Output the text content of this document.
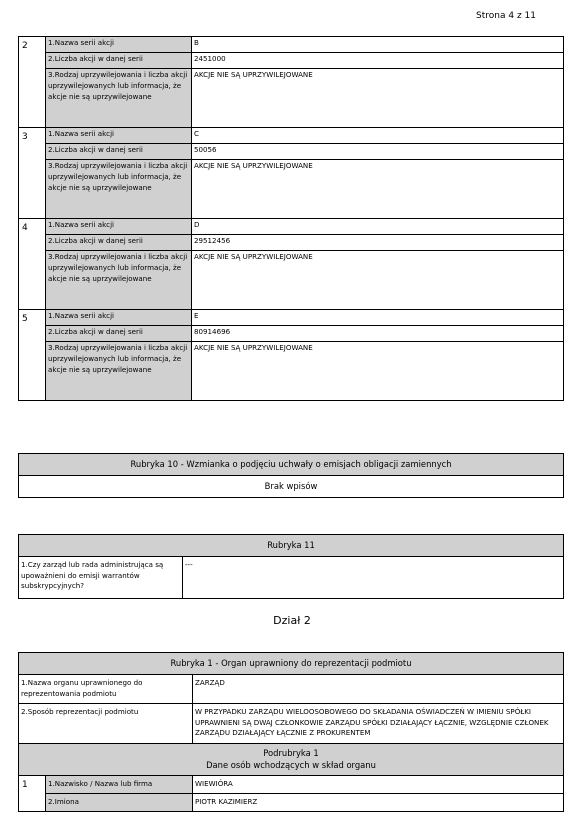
Strona 4 z 11
2	1.Nazwa serii akcji	B
	2.Liczba akcji w danej serii	2451000
	3.Rodzaj uprzywilejowania i liczba akcji uprzywilejowanych lub informacja, że akcje nie są uprzywilejowane	AKCJE NIE SĄ UPRZYWILEJOWANE
3	1.Nazwa serii akcji	C
	2.Liczba akcji w danej serii	50056
	3.Rodzaj uprzywilejowania i liczba akcji uprzywilejowanych lub informacja, że akcje nie są uprzywilejowane	AKCJE NIE SĄ UPRZYWILEJOWANE
4	1.Nazwa serii akcji	D
	2.Liczba akcji w danej serii	29512456
	3.Rodzaj uprzywilejowania i liczba akcji uprzywilejowanych lub informacja, że akcje nie są uprzywilejowane	AKCJE NIE SĄ UPRZYWILEJOWANE
5	1.Nazwa serii akcji	E
	2.Liczba akcji w danej serii	80914696
	3.Rodzaj uprzywilejowania i liczba akcji uprzywilejowanych lub informacja, że akcje nie są uprzywilejowane	AKCJE NIE SĄ UPRZYWILEJOWANE
Rubryka 10 - Wzmianka o podjęciu uchwały o emisjach obligacji zamiennych
Brak wpisów
Rubryka 11
1.Czy zarząd lub rada administrująca są upoważnieni do emisji warrantów subskrypcyjnych?	---
Dział 2
Rubryka 1 - Organ uprawniony do reprezentacji podmiotu		
1.Nazwa organu uprawnionego do reprezentowania podmiotu		ZARZĄD
2.Sposób reprezentacji podmiotu		W PRZYPADKU ZARZĄDU WIELOOSOBOWEGO DO SKŁADANIA OŚWIADCZEŃ W IMIENIU SPÓŁKI UPRAWNIENI SĄ DWAJ CZŁONKOWIE ZARZĄDU SPÓŁKI DZIAŁAJĄCY ŁĄCZNIE, WZGLĘDNIE CZŁONEK ZARZĄDU DZIAŁAJĄCY ŁĄCZNIE Z PROKURENTEM

Podrubryka 1
Dane osób wchodzących w skład organu		

1	1.Nazwisko / Nazwa lub firma	WIEWIÓRA
	2.Imiona	PIOTR KAZIMIERZ
